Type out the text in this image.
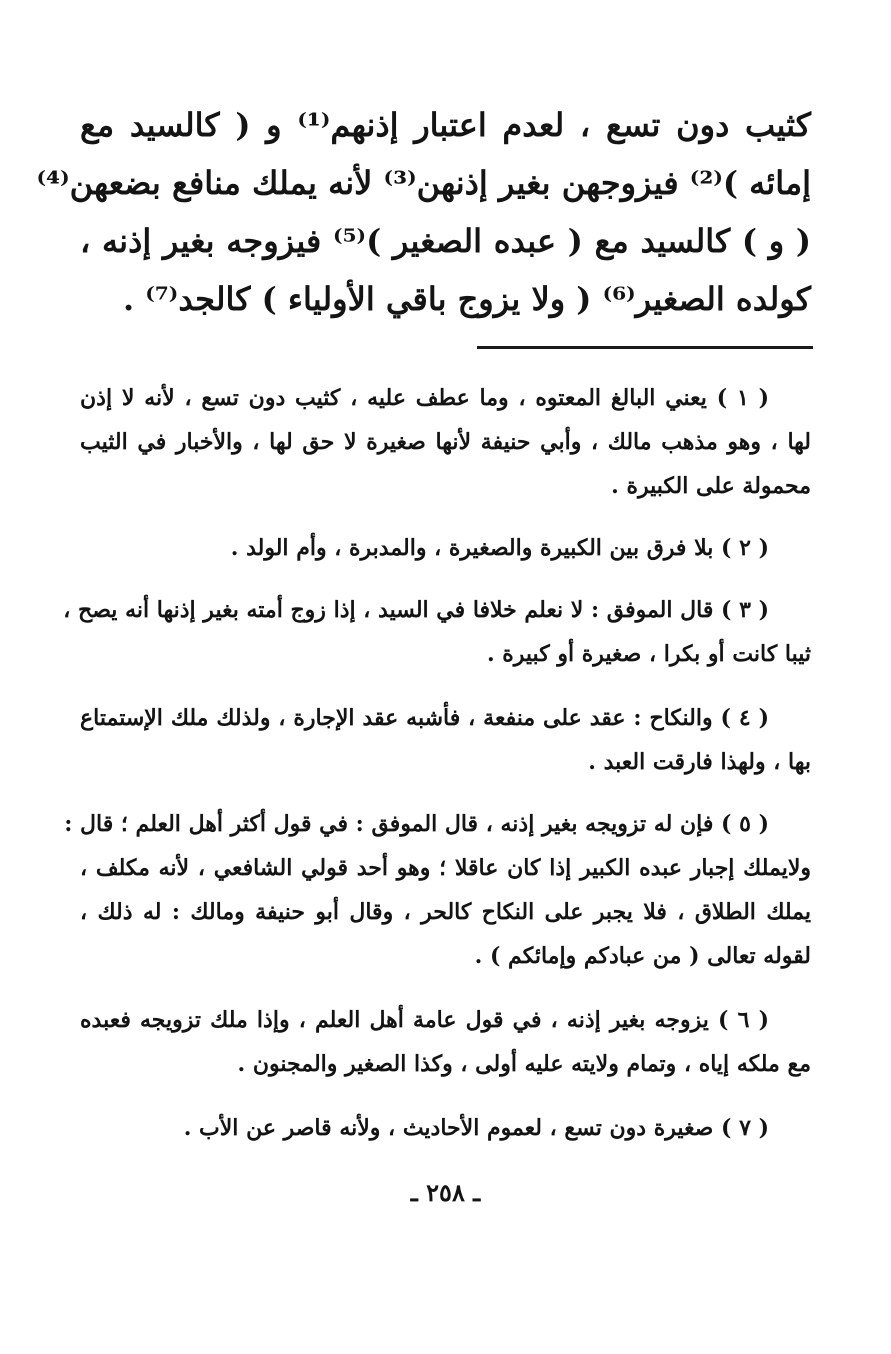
كثيب دون تسع ، لعدم اعتبار إذنهم⁽¹⁾ و ( كالسيد مع
إمائه )⁽²⁾ فيزوجهن بغير إذنهن⁽³⁾ لأنه يملك منافع بضعهن⁽⁴⁾
( و ) كالسيد مع ( عبده الصغير )⁽⁵⁾ فيزوجه بغير إذنه ،
كولده الصغير⁽⁶⁾ ( ولا يزوج باقي الأولياء ) كالجد⁽⁷⁾ .
( ١ ) يعني البالغ المعتوه ، وما عطف عليه ، كثيب دون تسع ، لأنه لا إذن
لها ، وهو مذهب مالك ، وأبي حنيفة لأنها صغيرة لا حق لها ، والأخبار في الثيب
محمولة على الكبيرة .
( ٢ ) بلا فرق بين الكبيرة والصغيرة ، والمدبرة ، وأم الولد .
( ٣ ) قال الموفق : لا نعلم خلافا في السيد ، إذا زوج أمته بغير إذنها أنه يصح ،
ثيبا كانت أو بكرا ، صغيرة أو كبيرة .
( ٤ ) والنكاح : عقد على منفعة ، فأشبه عقد الإجارة ، ولذلك ملك الإستمتاع
بها ، ولهذا فارقت العبد .
( ٥ ) فإن له تزويجه بغير إذنه ، قال الموفق : في قول أكثر أهل العلم ؛ قال :
ولايملك إجبار عبده الكبير إذا كان عاقلا ؛ وهو أحد قولي الشافعي ، لأنه مكلف ،
يملك الطلاق ، فلا يجبر على النكاح كالحر ، وقال أبو حنيفة ومالك : له ذلك ،
لقوله تعالى ( من عبادكم وإمائكم ) .
( ٦ ) يزوجه بغير إذنه ، في قول عامة أهل العلم ، وإذا ملك تزويجه فعبده
مع ملكه إياه ، وتمام ولايته عليه أولى ، وكذا الصغير والمجنون .
( ٧ ) صغيرة دون تسع ، لعموم الأحاديث ، ولأنه قاصر عن الأب .
ـ ٢٥٨ ـ
